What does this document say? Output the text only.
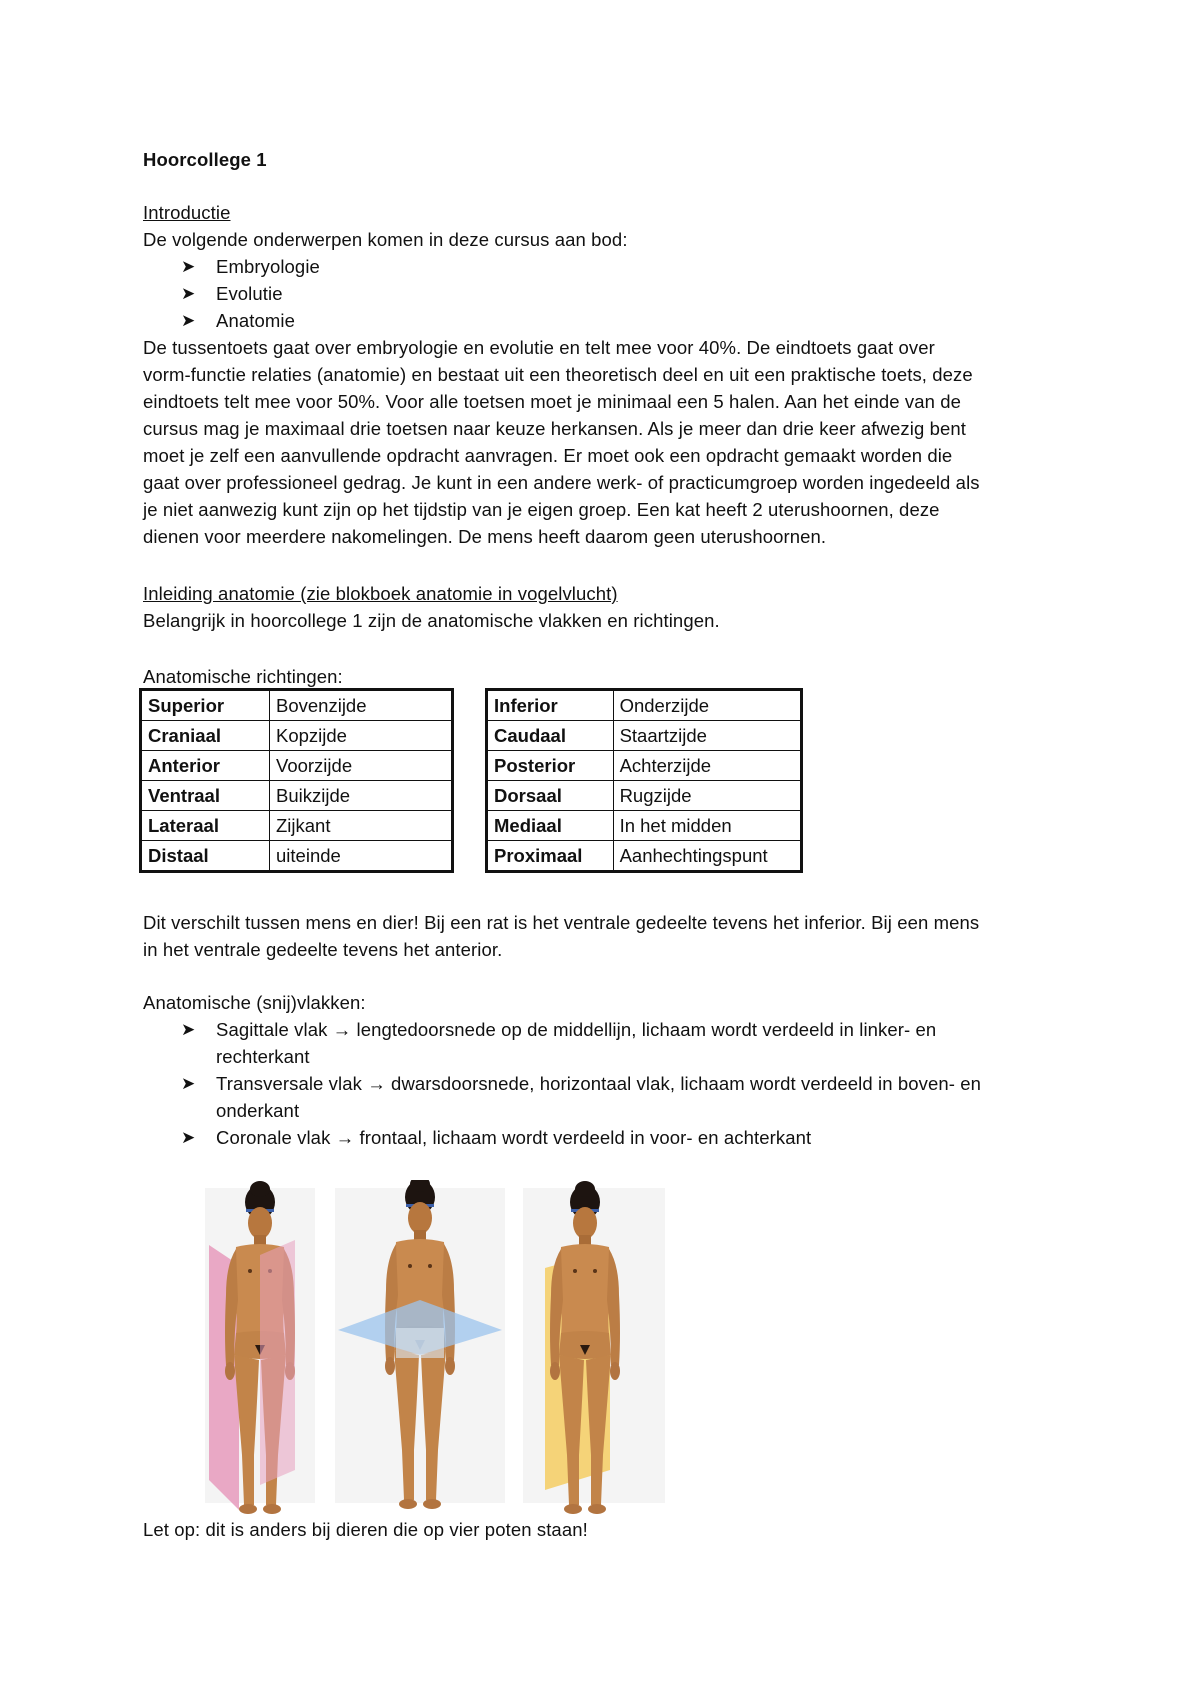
Hoorcollege 1
Introductie
De volgende onderwerpen komen in deze cursus aan bod:
➤ Embryologie
➤ Evolutie
➤ Anatomie
De tussentoets gaat over embryologie en evolutie en telt mee voor 40%. De eindtoets gaat over
vorm-functie relaties (anatomie) en bestaat uit een theoretisch deel en uit een praktische toets, deze
eindtoets telt mee voor 50%. Voor alle toetsen moet je minimaal een 5 halen. Aan het einde van de
cursus mag je maximaal drie toetsen naar keuze herkansen. Als je meer dan drie keer afwezig bent
moet je zelf een aanvullende opdracht aanvragen. Er moet ook een opdracht gemaakt worden die
gaat over professioneel gedrag. Je kunt in een andere werk- of practicumgroep worden ingedeeld als
je niet aanwezig kunt zijn op het tijdstip van je eigen groep. Een kat heeft 2 uterushoornen, deze
dienen voor meerdere nakomelingen. De mens heeft daarom geen uterushoornen.
Inleiding anatomie (zie blokboek anatomie in vogelvlucht)
Belangrijk in hoorcollege 1 zijn de anatomische vlakken en richtingen.
Anatomische richtingen:
Superior	Bovenzijde
Craniaal	Kopzijde
Anterior	Voorzijde
Ventraal	Buikzijde
Lateraal	Zijkant
Distaal	uiteinde
Inferior	Onderzijde
Caudaal	Staartzijde
Posterior	Achterzijde
Dorsaal	Rugzijde
Mediaal	In het midden
Proximaal	Aanhechtingspunt
Dit verschilt tussen mens en dier! Bij een rat is het ventrale gedeelte tevens het inferior. Bij een mens
in het ventrale gedeelte tevens het anterior.
Anatomische (snij)vlakken:
➤ Sagittale vlak → lengtedoorsnede op de middellijn, lichaam wordt verdeeld in linker- en
rechterkant
➤ Transversale vlak → dwarsdoorsnede, horizontaal vlak, lichaam wordt verdeeld in boven- en
onderkant
➤ Coronale vlak → frontaal, lichaam wordt verdeeld in voor- en achterkant
Let op: dit is anders bij dieren die op vier poten staan!
